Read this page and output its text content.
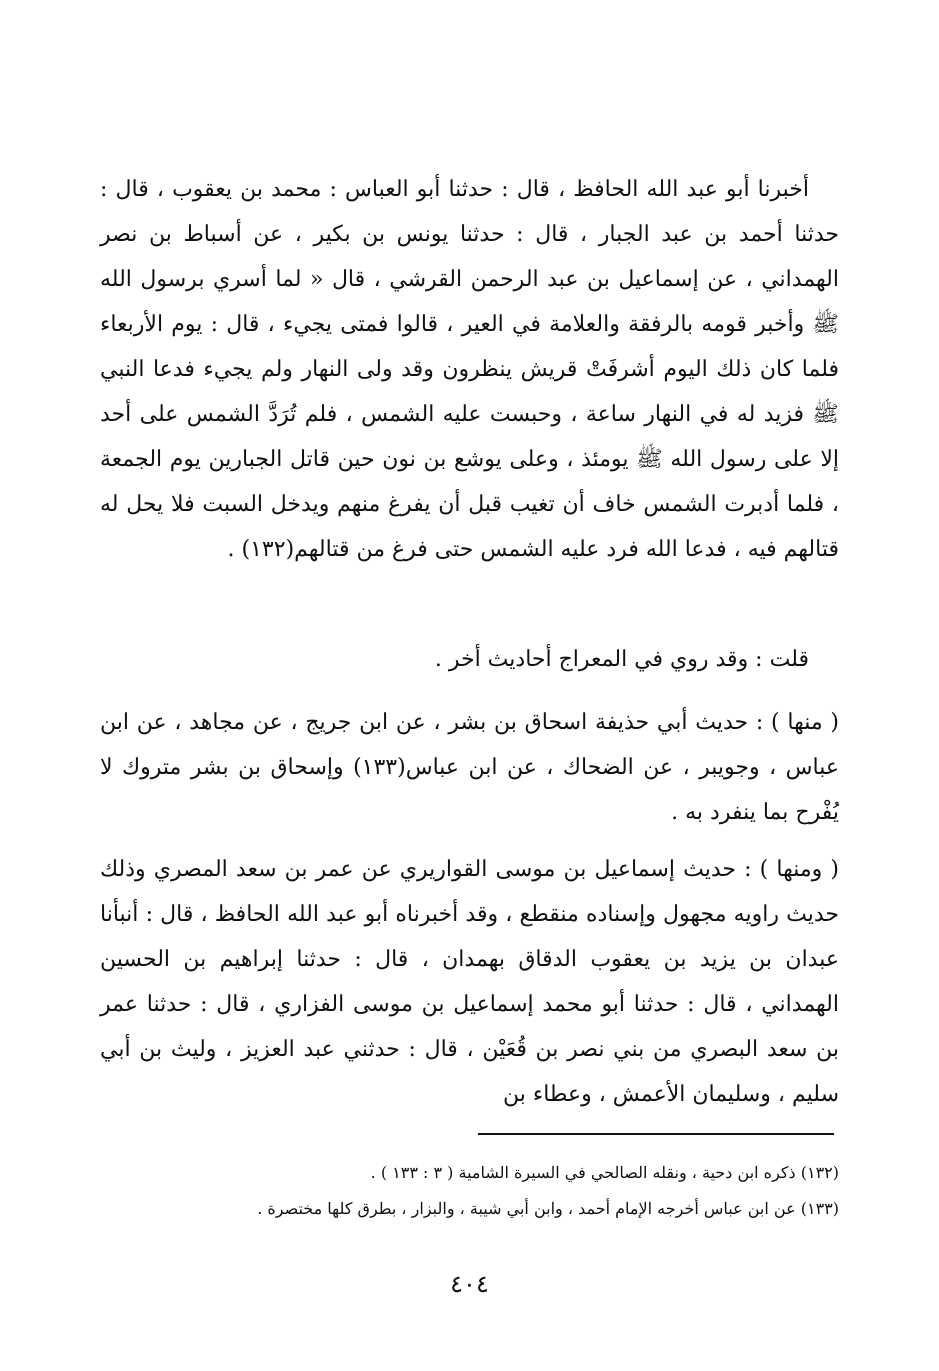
أخبرنا أبو عبد الله الحافظ ، قال : حدثنا أبو العباس : محمد بن يعقوب ، قال : حدثنا أحمد بن عبد الجبار ، قال : حدثنا يونس بن بكير ، عن أسباط بن نصر الهمداني ، عن إسماعيل بن عبد الرحمن القرشي ، قال « لما أسري برسول الله ﷺ وأخبر قومه بالرفقة والعلامة في العير ، قالوا فمتى يجيء ، قال : يوم الأربعاء فلما كان ذلك اليوم أشرفَتْ قريش ينظرون وقد ولى النهار ولم يجيء فدعا النبي ﷺ فزيد له في النهار ساعة ، وحبست عليه الشمس ، فلم تُرَدَّ الشمس على أحد إلا على رسول الله ﷺ يومئذ ، وعلى يوشع بن نون حين قاتل الجبارين يوم الجمعة ، فلما أدبرت الشمس خاف أن تغيب قبل أن يفرغ منهم ويدخل السبت فلا يحل له قتالهم فيه ، فدعا الله فرد عليه الشمس حتى فرغ من قتالهم(١٣٢) .

قلت : وقد روي في المعراج أحاديث أخر .

( منها ) : حديث أبي حذيفة اسحاق بن بشر ، عن ابن جريج ، عن مجاهد ، عن ابن عباس ، وجويبر ، عن الضحاك ، عن ابن عباس(١٣٣) وإسحاق بن بشر متروك لا يُفْرح بما ينفرد به .

( ومنها ) : حديث إسماعيل بن موسى القواريري عن عمر بن سعد المصري وذلك حديث راويه مجهول وإسناده منقطع ، وقد أخبرناه أبو عبد الله الحافظ ، قال : أنبأنا عبدان بن يزيد بن يعقوب الدقاق بهمدان ، قال : حدثنا إبراهيم بن الحسين الهمداني ، قال : حدثنا أبو محمد إسماعيل بن موسى الفزاري ، قال : حدثنا عمر بن سعد البصري من بني نصر بن قُعَيْن ، قال : حدثني عبد العزيز ، وليث بن أبي سليم ، وسليمان الأعمش ، وعطاء بن

(١٣٢) ذكره ابن دحية ، ونقله الصالحي في السيرة الشامية ( ٣ : ١٣٣ ) .
(١٣٣) عن ابن عباس أخرجه الإمام أحمد ، وابن أبي شيبة ، والبزار ، بطرق كلها مختصرة .
٤٠٤
